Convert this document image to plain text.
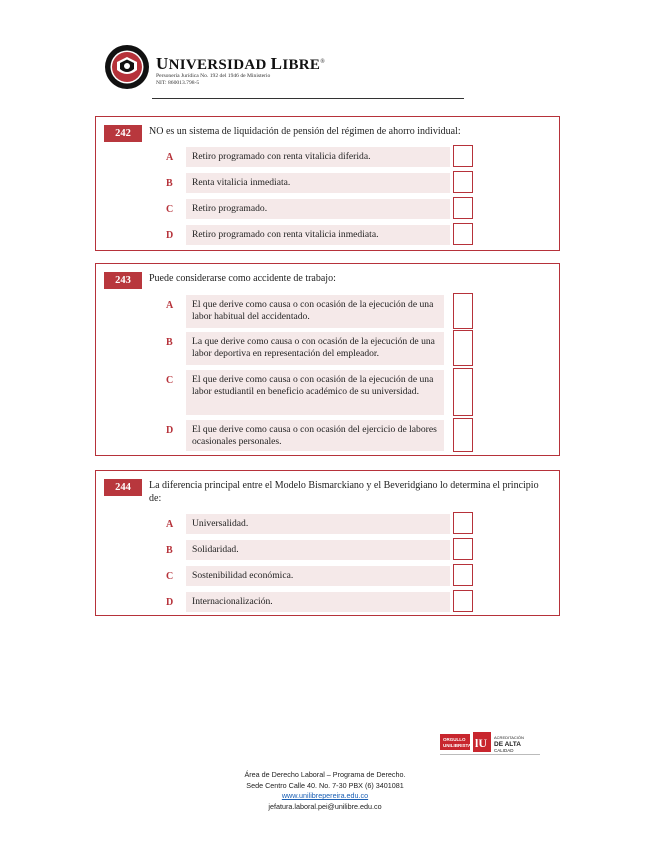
UNIVERSIDAD LIBRE®
Personería Jurídica No. 192 del 1946 de Ministerio
NIT: 860013.798-5
242	NO es un sistema de liquidación de pensión del régimen de ahorro individual:
A	Retiro programado con renta vitalicia diferida.
B	Renta vitalicia inmediata.
C	Retiro programado.
D	Retiro programado con renta vitalicia inmediata.
243	Puede considerarse como accidente de trabajo:
A	El que derive como causa o con ocasión de la ejecución de una labor habitual del accidentado.
B	La que derive como causa o con ocasión de la ejecución de una labor deportiva en representación del empleador.
C	El que derive como causa o con ocasión de la ejecución de una labor estudiantil en beneficio académico de su universidad.
D	El que derive como causa o con ocasión del ejercicio de labores ocasionales personales.
244	La diferencia principal entre el Modelo Bismarckiano y el Beveridgiano lo determina el principio de:
A	Universalidad.
B	Solidaridad.
C	Sostenibilidad económica.
D	Internacionalización.
ORGULLO
UNILIBRISTA lU ACREDITACIÓN
DE ALTA
CALIDAD
Área de Derecho Laboral – Programa de Derecho.
Sede Centro Calle 40. No. 7-30 PBX (6) 3401081
www.unilibrepereira.edu.co
jefatura.laboral.pei@unilibre.edu.co
